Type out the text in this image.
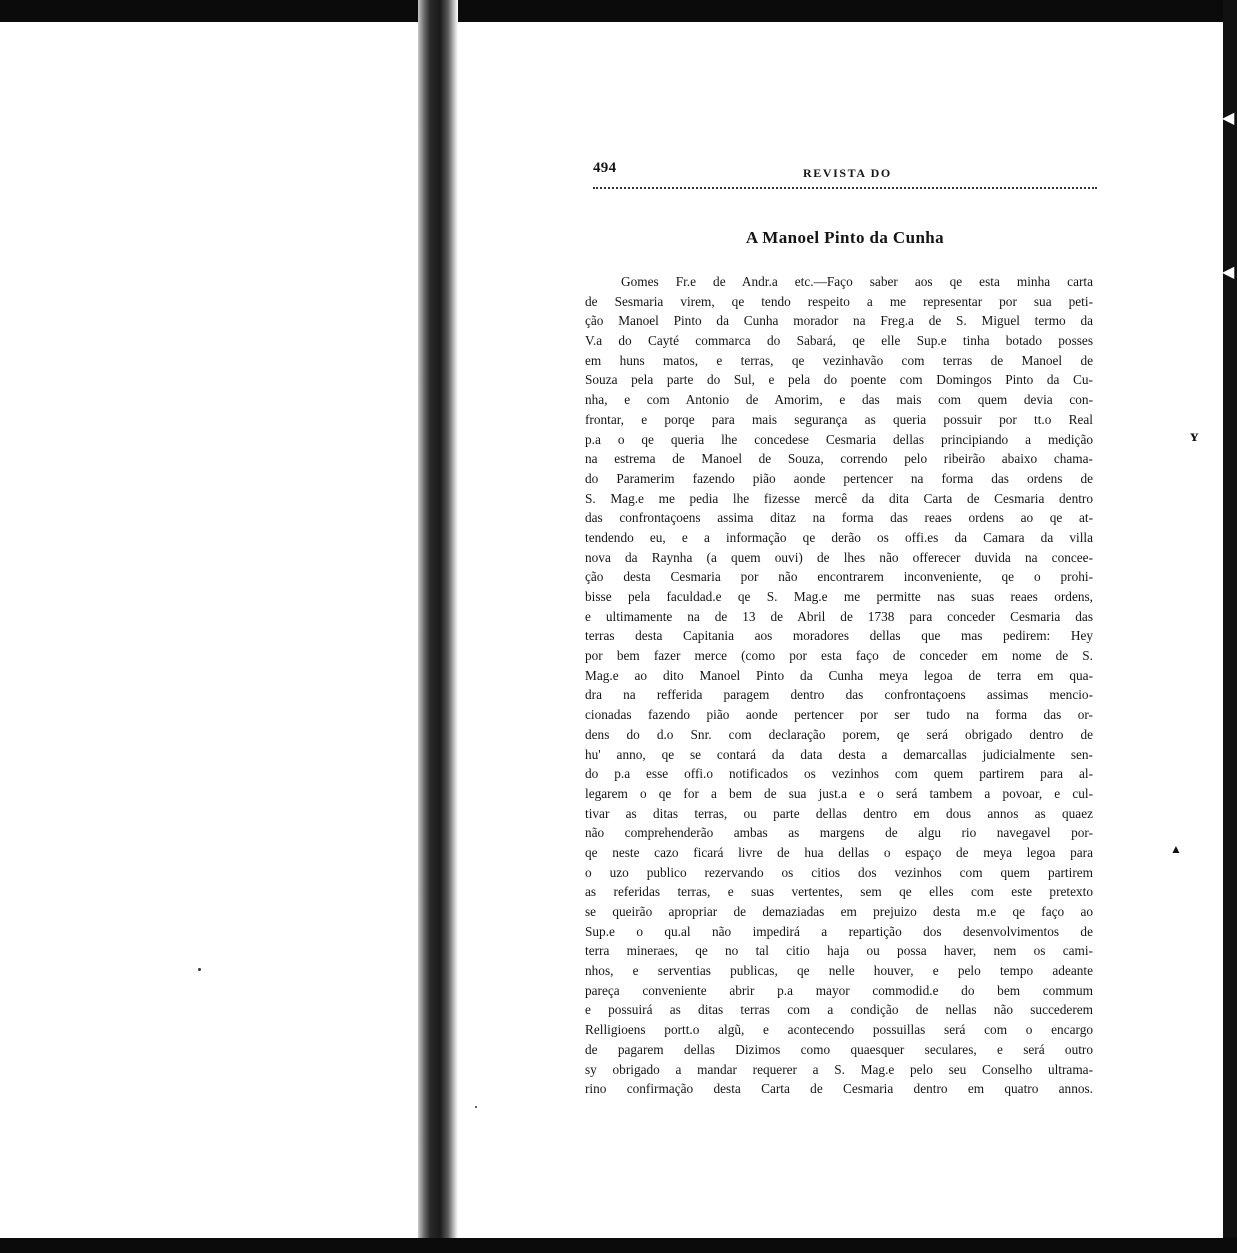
ʏ
▲
◀
◀
494	REVISTA DO
A Manoel Pinto da Cunha
Gomes Fr.e de Andr.a etc.—Faço saber aos qe esta minha carta
de Sesmaria virem, qe tendo respeito a me representar por sua peti-
ção Manoel Pinto da Cunha morador na Freg.a de S. Miguel termo da
V.a do Cayté commarca do Sabará, qe elle Sup.e tinha botado posses
em huns matos, e terras, qe vezinhavão com terras de Manoel de
Souza pela parte do Sul, e pela do poente com Domingos Pinto da Cu-
nha, e com Antonio de Amorim, e das mais com quem devia con-
frontar, e porqe para mais segurança as queria possuir por tt.o Real
p.a o qe queria lhe concedese Cesmaria dellas principiando a medição
na estrema de Manoel de Souza, correndo pelo ribeirão abaixo chama-
do Paramerim fazendo pião aonde pertencer na forma das ordens de
S. Mag.e me pedia lhe fizesse mercê da dita Carta de Cesmaria dentro
das confrontaçoens assima ditaz na forma das reaes ordens ao qe at-
tendendo eu, e a informação qe derão os offi.es da Camara da villa
nova da Raynha (a quem ouvi) de lhes não offerecer duvida na concee-
ção desta Cesmaria por não encontrarem inconveniente, qe o prohi-
bisse pela faculdad.e qe S. Mag.e me permitte nas suas reaes ordens,
e ultimamente na de 13 de Abril de 1738 para conceder Cesmaria das
terras desta Capitania aos moradores dellas que mas pedirem: Hey
por bem fazer merce (como por esta faço de conceder em nome de S.
Mag.e ao dito Manoel Pinto da Cunha meya legoa de terra em qua-
dra na refferida paragem dentro das confrontaçoens assimas mencio-
cionadas fazendo pião aonde pertencer por ser tudo na forma das or-
dens do d.o Snr. com declaração porem, qe será obrigado dentro de
hu' anno, qe se contará da data desta a demarcallas judicialmente sen-
do p.a esse offi.o notificados os vezinhos com quem partirem para al-
legarem o qe for a bem de sua just.a e o será tambem a povoar, e cul-
tivar as ditas terras, ou parte dellas dentro em dous annos as quaez
não comprehenderão ambas as margens de algu rio navegavel por-
qe neste cazo ficará livre de hua dellas o espaço de meya legoa para
o uzo publico rezervando os citios dos vezinhos com quem partirem
as referidas terras, e suas vertentes, sem qe elles com este pretexto
se queirão apropriar de demaziadas em prejuizo desta m.e qe faço ao
Sup.e o qu.al não impedirá a repartição dos desenvolvimentos de
terra mineraes, qe no tal citio haja ou possa haver, nem os cami-
nhos, e serventias publicas, qe nelle houver, e pelo tempo adeante
pareça conveniente abrir p.a mayor commodid.e do bem commum
e possuirá as ditas terras com a condição de nellas não succederem
Relligioens portt.o algũ, e acontecendo possuillas será com o encargo
de pagarem dellas Dizimos como quaesquer seculares, e será outro
sy obrigado a mandar requerer a S. Mag.e pelo seu Conselho ultrama-
rino confirmação desta Carta de Cesmaria dentro em quatro annos.
